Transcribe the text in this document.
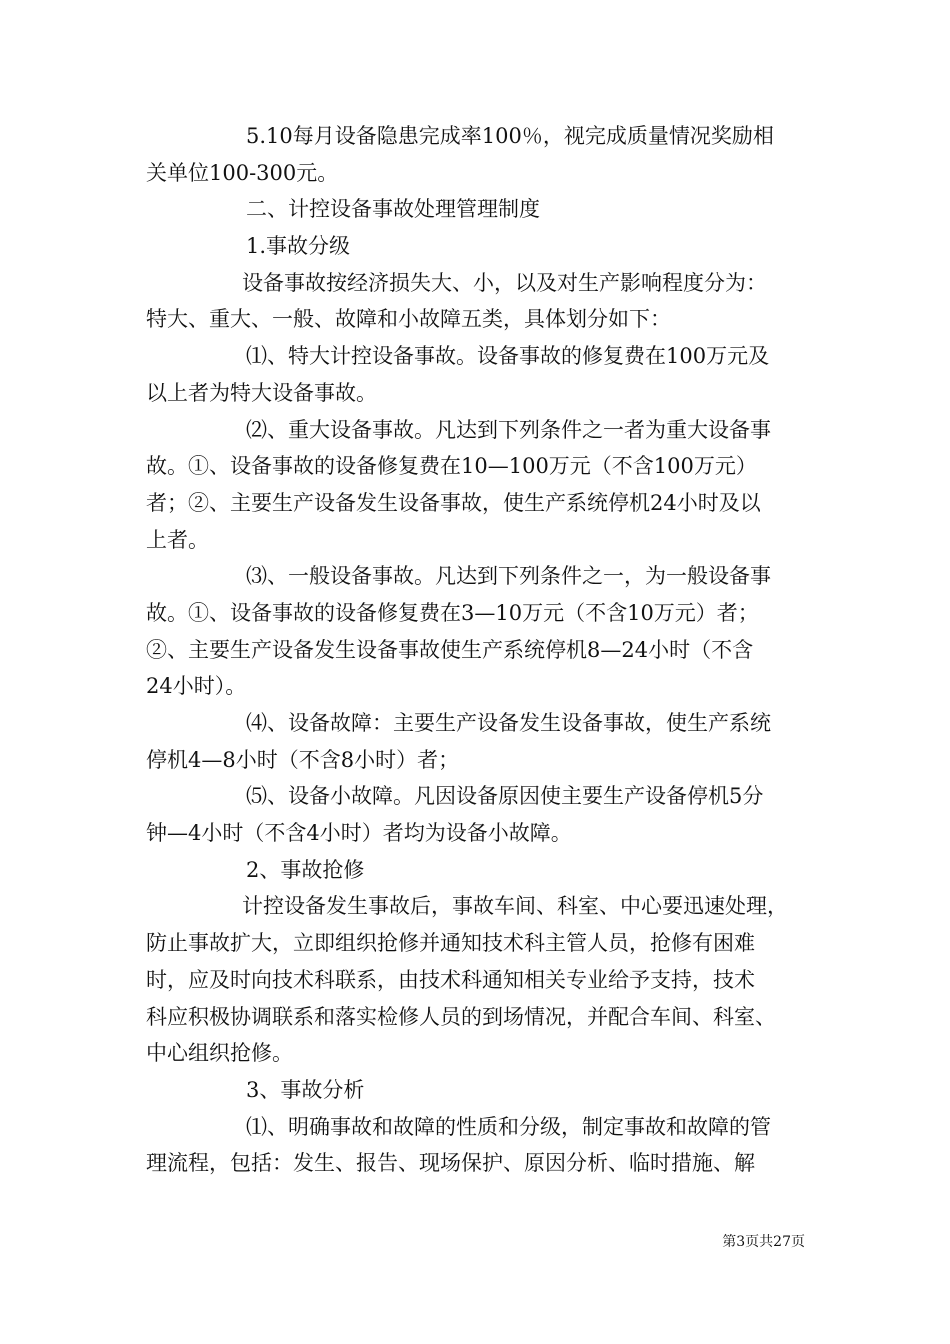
5.10每月设备隐患完成率100％，视完成质量情况奖励相
关单位100-300元。
二、计控设备事故处理管理制度
1.事故分级
设备事故按经济损失大、小，以及对生产影响程度分为：
特大、重大、一般、故障和小故障五类，具体划分如下：
⑴、特大计控设备事故。设备事故的修复费在100万元及
以上者为特大设备事故。
⑵、重大设备事故。凡达到下列条件之一者为重大设备事
故。①、设备事故的设备修复费在10—100万元（不含100万元）
者；②、主要生产设备发生设备事故，使生产系统停机24小时及以
上者。
⑶、一般设备事故。凡达到下列条件之一，为一般设备事
故。①、设备事故的设备修复费在3—10万元（不含10万元）者；
②、主要生产设备发生设备事故使生产系统停机8—24小时（不含
24小时）。
⑷、设备故障：主要生产设备发生设备事故，使生产系统
停机4—8小时（不含8小时）者；
⑸、设备小故障。凡因设备原因使主要生产设备停机5分
钟—4小时（不含4小时）者均为设备小故障。
2、事故抢修
计控设备发生事故后，事故车间、科室、中心要迅速处理，
防止事故扩大，立即组织抢修并通知技术科主管人员，抢修有困难
时，应及时向技术科联系，由技术科通知相关专业给予支持，技术
科应积极协调联系和落实检修人员的到场情况，并配合车间、科室、
中心组织抢修。
3、事故分析
⑴、明确事故和故障的性质和分级，制定事故和故障的管
理流程，包括：发生、报告、现场保护、原因分析、临时措施、解
第3页共27页
